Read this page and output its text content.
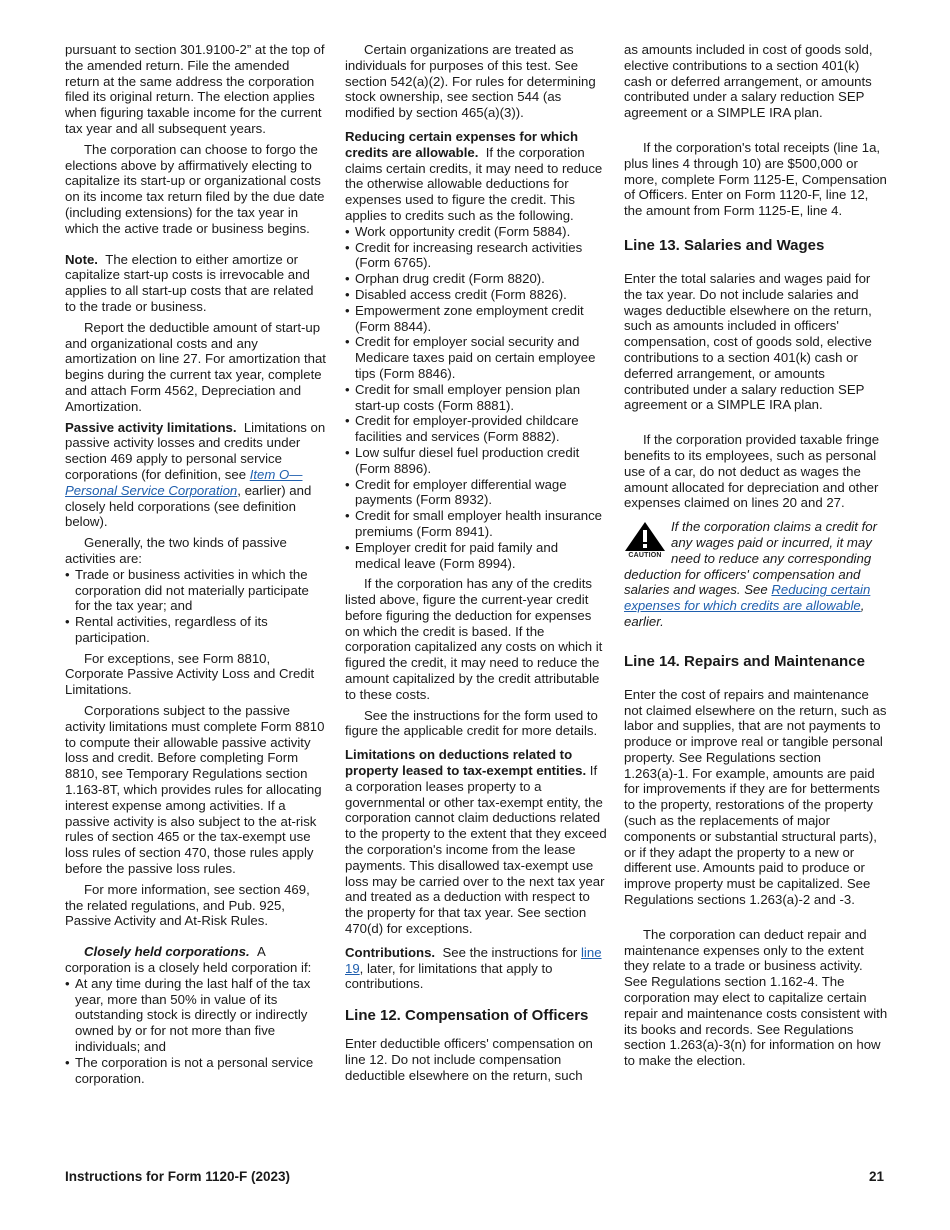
pursuant to section 301.9100-2” at the top of the amended return. File the amended return at the same address the corporation filed its original return. The election applies when figuring taxable income for the current tax year and all subsequent years.

The corporation can choose to forgo the elections above by affirmatively electing to capitalize its start-up or organizational costs on its income tax return filed by the due date (including extensions) for the tax year in which the active trade or business begins.

Note. The election to either amortize or capitalize start-up costs is irrevocable and applies to all start-up costs that are related to the trade or business.

Report the deductible amount of start-up and organizational costs and any amortization on line 27. For amortization that begins during the current tax year, complete and attach Form 4562, Depreciation and Amortization.

Passive activity limitations. Limitations on passive activity losses and credits under section 469 apply to personal service corporations (for definition, see Item O—Personal Service Corporation, earlier) and closely held corporations (see definition below).

Generally, the two kinds of passive activities are:

• Trade or business activities in which the corporation did not materially participate for the tax year; and
• Rental activities, regardless of its participation.

For exceptions, see Form 8810, Corporate Passive Activity Loss and Credit Limitations.

Corporations subject to the passive activity limitations must complete Form 8810 to compute their allowable passive activity loss and credit. Before completing Form 8810, see Temporary Regulations section 1.163-8T, which provides rules for allocating interest expense among activities. If a passive activity is also subject to the at-risk rules of section 465 or the tax-exempt use loss rules of section 470, those rules apply before the passive loss rules.

For more information, see section 469, the related regulations, and Pub. 925, Passive Activity and At-Risk Rules.

Closely held corporations. A corporation is a closely held corporation if:

• At any time during the last half of the tax year, more than 50% in value of its outstanding stock is directly or indirectly owned by or for not more than five individuals; and
• The corporation is not a personal service corporation.

Certain organizations are treated as individuals for purposes of this test. See section 542(a)(2). For rules for determining stock ownership, see section 544 (as modified by section 465(a)(3)).

Reducing certain expenses for which credits are allowable. If the corporation claims certain credits, it may need to reduce the otherwise allowable deductions for expenses used to figure the credit. This applies to credits such as the following.

• Work opportunity credit (Form 5884).
• Credit for increasing research activities (Form 6765).
• Orphan drug credit (Form 8820).
• Disabled access credit (Form 8826).
• Empowerment zone employment credit (Form 8844).
• Credit for employer social security and Medicare taxes paid on certain employee tips (Form 8846).
• Credit for small employer pension plan start-up costs (Form 8881).
• Credit for employer-provided childcare facilities and services (Form 8882).
• Low sulfur diesel fuel production credit (Form 8896).
• Credit for employer differential wage payments (Form 8932).
• Credit for small employer health insurance premiums (Form 8941).
• Employer credit for paid family and medical leave (Form 8994).

If the corporation has any of the credits listed above, figure the current-year credit before figuring the deduction for expenses on which the credit is based. If the corporation capitalized any costs on which it figured the credit, it may need to reduce the amount capitalized by the credit attributable to these costs.

See the instructions for the form used to figure the applicable credit for more details.

Limitations on deductions related to property leased to tax-exempt entities. If a corporation leases property to a governmental or other tax-exempt entity, the corporation cannot claim deductions related to the property to the extent that they exceed the corporation's income from the lease payments. This disallowed tax-exempt use loss may be carried over to the next tax year and treated as a deduction with respect to the property for that tax year. See section 470(d) for exceptions.

Contributions. See the instructions for line 19, later, for limitations that apply to contributions.

Line 12. Compensation of Officers

Enter deductible officers' compensation on line 12. Do not include compensation deductible elsewhere on the return, such

as amounts included in cost of goods sold, elective contributions to a section 401(k) cash or deferred arrangement, or amounts contributed under a salary reduction SEP agreement or a SIMPLE IRA plan.

If the corporation's total receipts (line 1a, plus lines 4 through 10) are $500,000 or more, complete Form 1125-E, Compensation of Officers. Enter on Form 1120-F, line 12, the amount from Form 1125-E, line 4.

Line 13. Salaries and Wages

Enter the total salaries and wages paid for the tax year. Do not include salaries and wages deductible elsewhere on the return, such as amounts included in officers' compensation, cost of goods sold, elective contributions to a section 401(k) cash or deferred arrangement, or amounts contributed under a salary reduction SEP agreement or a SIMPLE IRA plan.

If the corporation provided taxable fringe benefits to its employees, such as personal use of a car, do not deduct as wages the amount allocated for depreciation and other expenses claimed on lines 20 and 27.

CAUTION
If the corporation claims a credit for any wages paid or incurred, it may need to reduce any corresponding deduction for officers' compensation and salaries and wages. See Reducing certain expenses for which credits are allowable, earlier.
Line 14. Repairs and Maintenance

Enter the cost of repairs and maintenance not claimed elsewhere on the return, such as labor and supplies, that are not payments to produce or improve real or tangible personal property. See Regulations section 1.263(a)-1. For example, amounts are paid for improvements if they are for betterments to the property, restorations of the property (such as the replacements of major components or substantial structural parts), or if they adapt the property to a new or different use. Amounts paid to produce or improve property must be capitalized. See Regulations sections 1.263(a)-2 and -3.

The corporation can deduct repair and maintenance expenses only to the extent they relate to a trade or business activity. See Regulations section 1.162-4. The corporation may elect to capitalize certain repair and maintenance costs consistent with its books and records. See Regulations section 1.263(a)-3(n) for information on how to make the election.

Instructions for Form 1120-F (2023)	21
